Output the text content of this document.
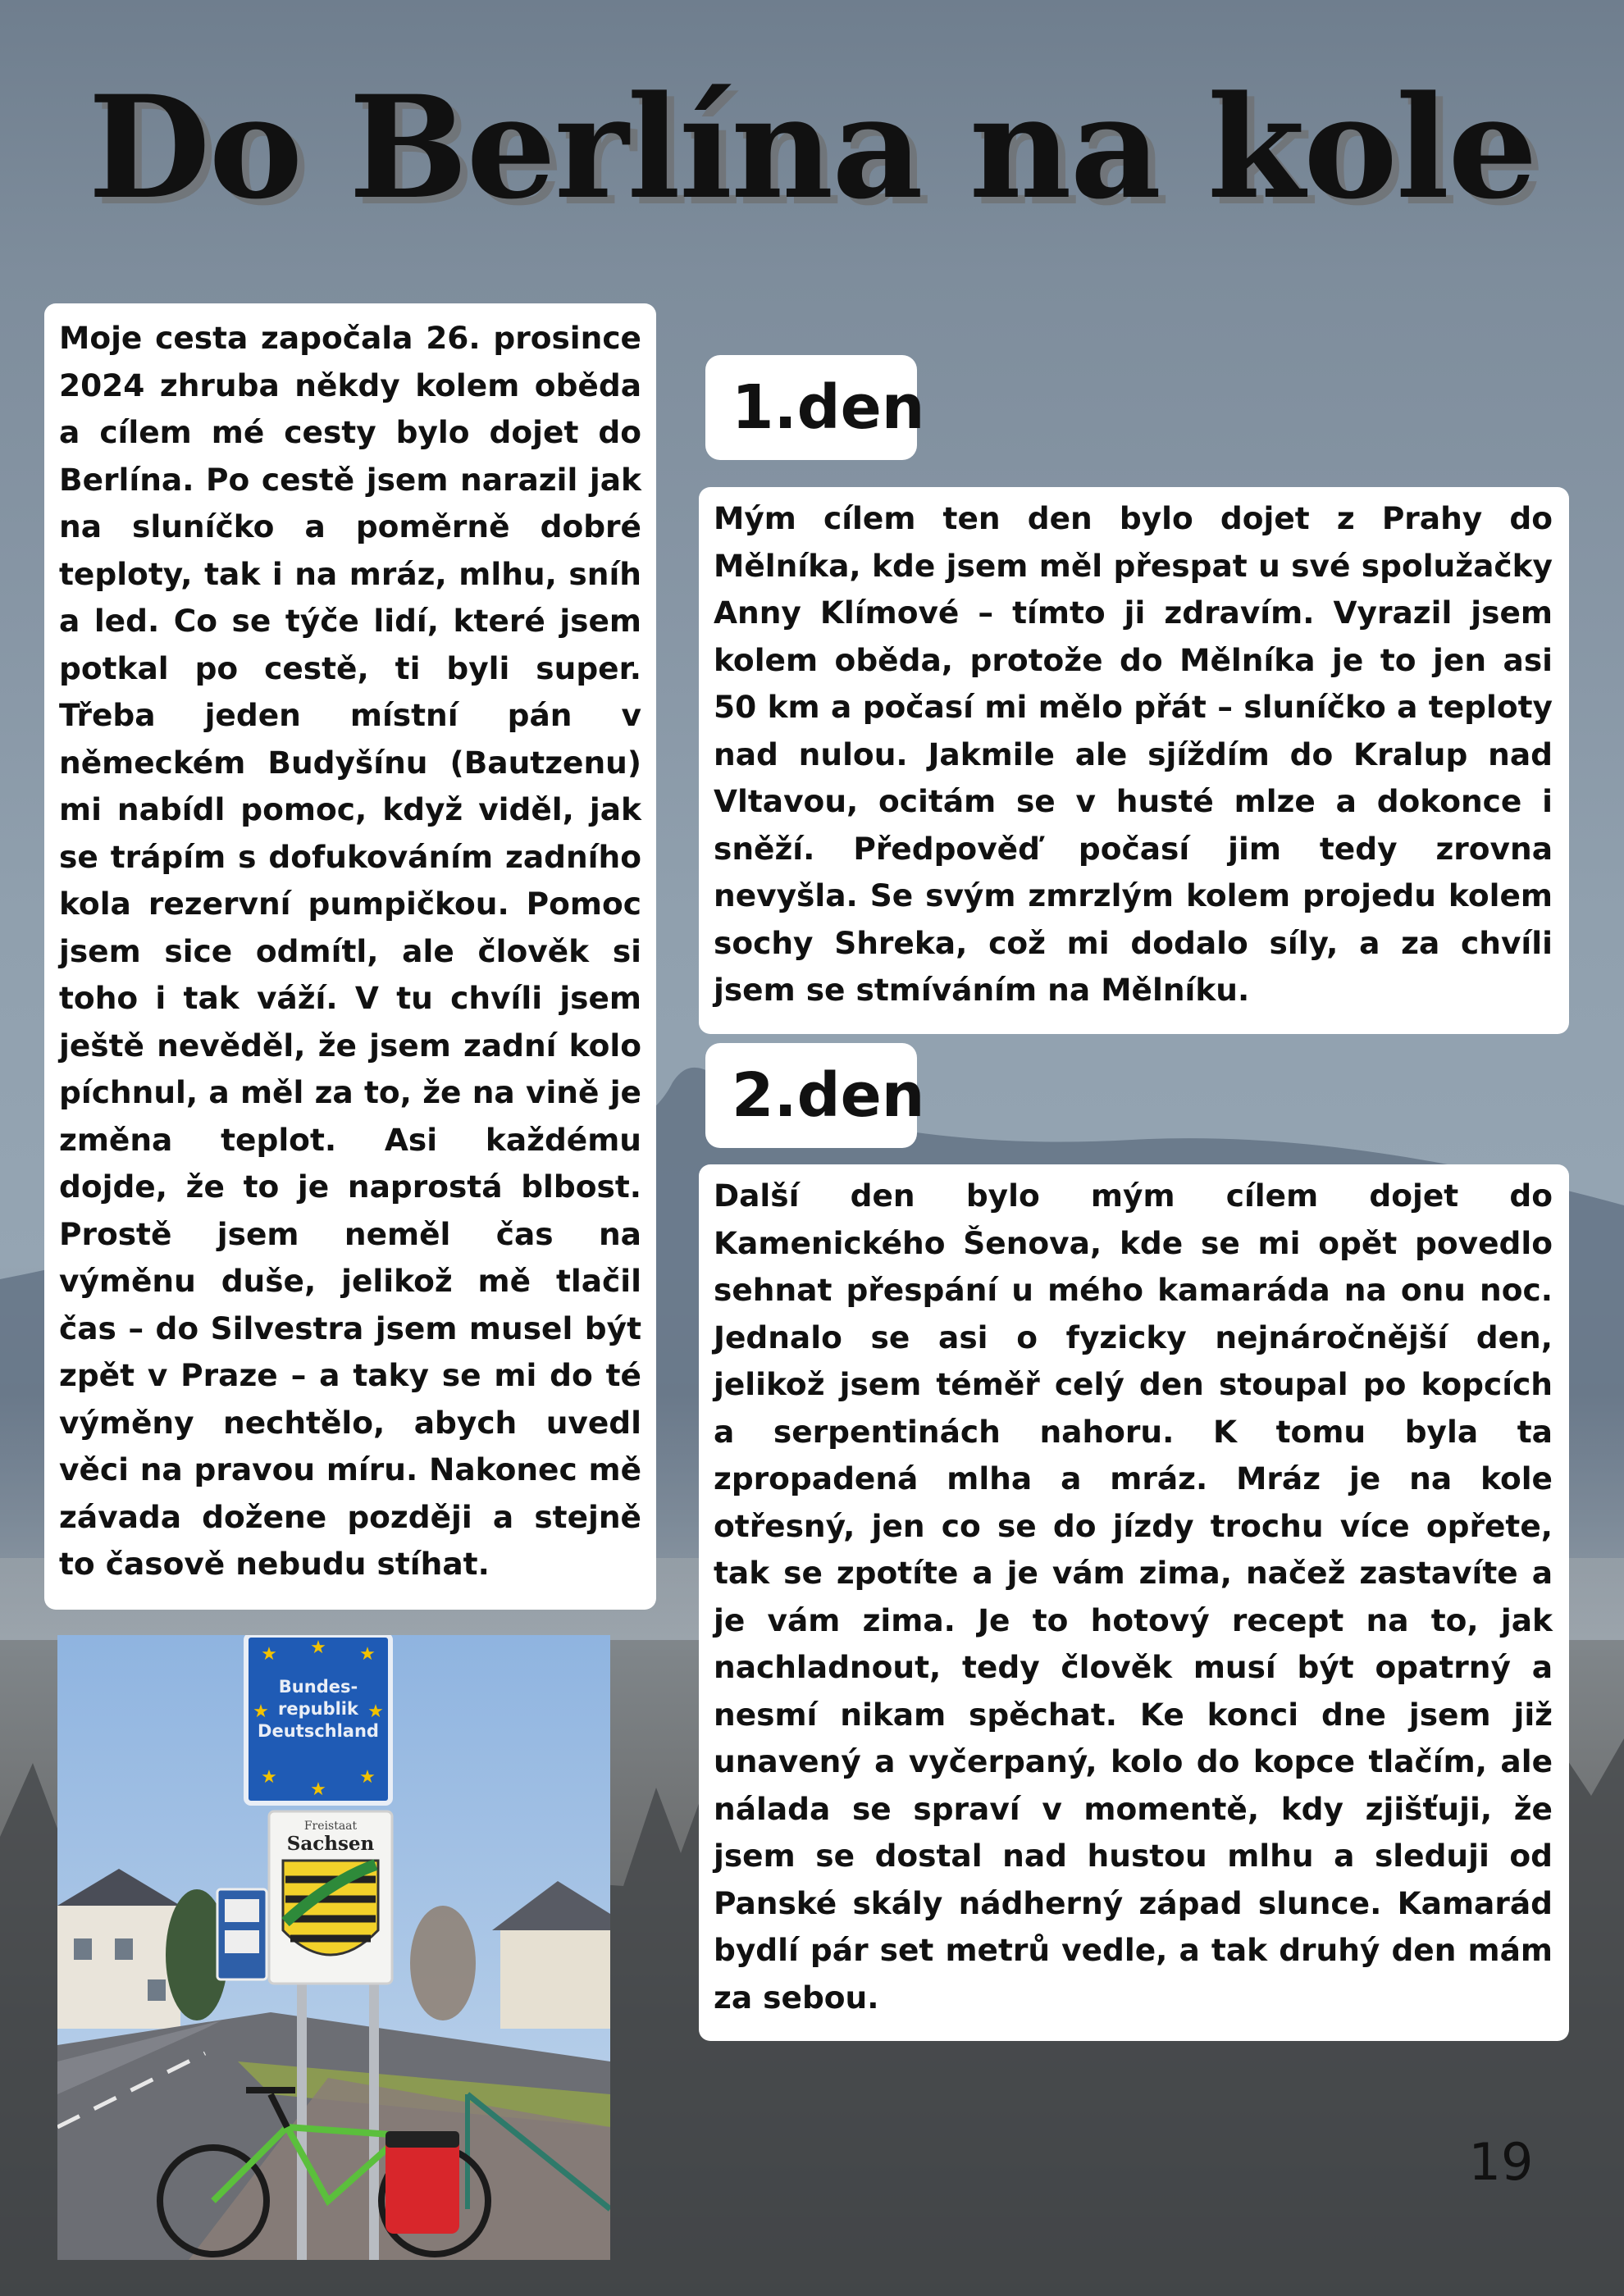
Do Berlína na kole
Moje cesta započala 26. prosince 2024 zhruba někdy kolem oběda a cílem mé cesty bylo dojet do Berlína. Po cestě jsem narazil jak na sluníčko a poměrně dobré teploty, tak i na mráz, mlhu, sníh a led. Co se týče lidí, které jsem potkal po cestě, ti byli super. Třeba jeden místní pán v německém Budyšínu (Bautzenu) mi nabídl pomoc, když viděl, jak se trápím s dofukováním zadního kola rezervní pumpičkou. Pomoc jsem sice odmítl, ale člověk si toho i tak váží. V tu chvíli jsem ještě nevěděl, že jsem zadní kolo píchnul, a měl za to, že na vině je změna teplot. Asi každému dojde, že to je naprostá blbost. Prostě jsem neměl čas na výměnu duše, jelikož mě tlačil čas – do Silvestra jsem musel být zpět v Praze – a taky se mi do té výměny nechtělo, abych uvedl věci na pravou míru. Nakonec mě závada dožene později a stejně to časově nebudu stíhat.
1.den
Mým cílem ten den bylo dojet z Prahy do Mělníka, kde jsem měl přespat u své spolužačky Anny Klímové – tímto ji zdravím. Vyrazil jsem kolem oběda, protože do Mělníka je to jen asi 50 km a počasí mi mělo přát – sluníčko a teploty nad nulou. Jakmile ale sjíždím do Kralup nad Vltavou, ocitám se v husté mlze a dokonce i sněží. Předpověď počasí jim tedy zrovna nevyšla. Se svým zmrzlým kolem projedu kolem sochy Shreka, což mi dodalo síly, a za chvíli jsem se stmíváním na Mělníku.
2.den
Další den bylo mým cílem dojet do Kamenického Šenova, kde se mi opět povedlo sehnat přespání u mého kamaráda na onu noc. Jednalo se asi o fyzicky nejnáročnější den, jelikož jsem téměř celý den stoupal po kopcích a serpentinách nahoru. K tomu byla ta zpropadená mlha a mráz. Mráz je na kole otřesný, jen co se do jízdy trochu více opřete, tak se zpotíte a je vám zima, načež zastavíte a je vám zima. Je to hotový recept na to, jak nachladnout, tedy člověk musí být opatrný a nesmí nikam spěchat. Ke konci dne jsem již unavený a vyčerpaný, kolo do kopce tlačím, ale nálada se spraví v momentě, kdy zjišťuji, že jsem se dostal nad hustou mlhu a sleduji od Panské skály nádherný západ slunce. Kamarád bydlí pár set metrů vedle, a tak druhý den mám za sebou.
★ ★ ★
★	★
★
★
★
Bundes-
republik
Deutschland
Freistaat
Sachsen
19
